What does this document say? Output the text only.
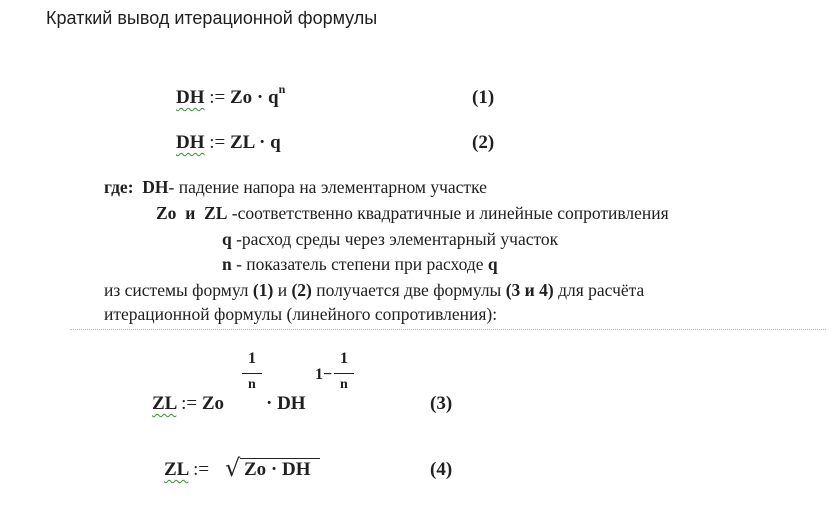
Краткий вывод итерационной формулы
DH := $Zo \cdot q^n$	(1)
DH := ZL · q	(2)
где: DH- падение напора на элементарном участке
Zo и ZL -соответственно квадратичные и линейные сопротивления
q -расход среды через элементарный участок
n - показатель степени при расходе q
из системы формул (1) и (2) получается две формулы (3 и 4) для расчёта
итерационной формулы (линейного сопротивления):
ZL := Zo
1
n
· DH
1−
1
n
(3)
ZL := √ Zo · DH	(4)
